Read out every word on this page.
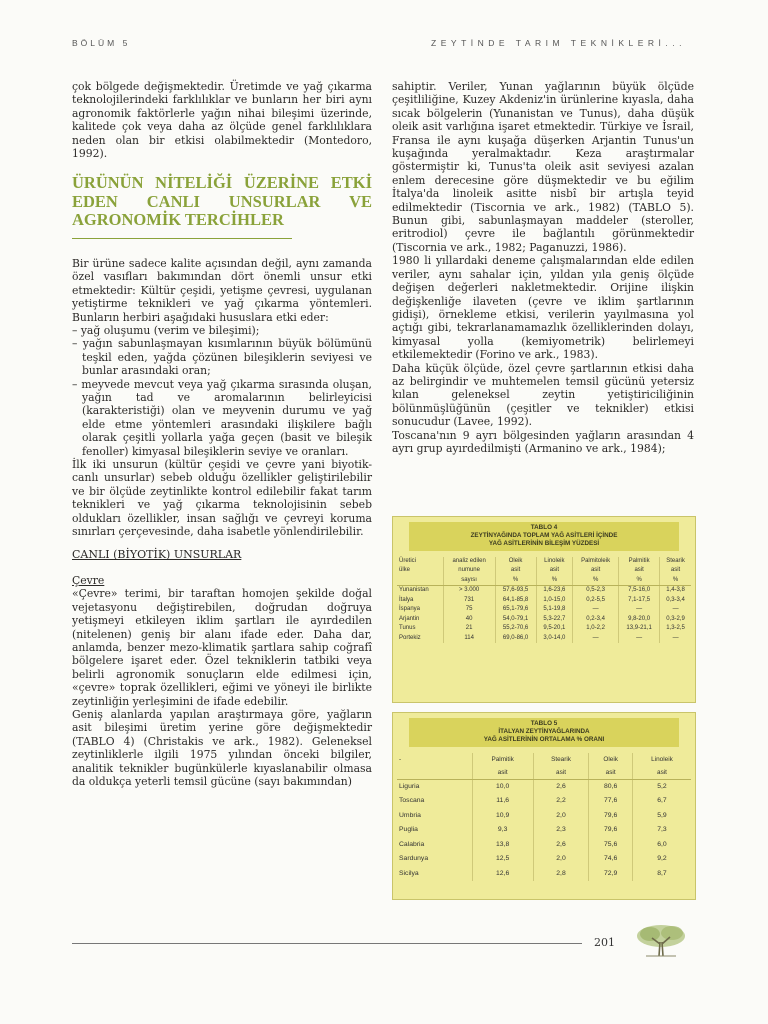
BÖLÜM 5	ZEYTİNDE TARIM TEKNİKLERİ...

çok bölgede değişmektedir. Üretimde ve yağ çıkarma teknolojilerindeki farklılıklar ve bunların her biri aynı agronomik faktörlerle yağın nihai bileşimi üzerinde, kalitede çok veya daha az ölçüde genel farklılıklara neden olan bir etkisi olabilmektedir (Montedoro, 1992).

ÜRÜNÜN NİTELİĞİ ÜZERİNE ETKİ EDEN CANLI UNSURLAR VE AGRONOMİK TERCİHLER

Bir ürüne sadece kalite açısından değil, aynı zamanda özel vasıfları bakımından dört önemli unsur etki etmektedir: Kültür çeşidi, yetişme çevresi, uygulanan yetiştirme teknikleri ve yağ çıkarma yöntemleri. Bunların herbiri aşağıdaki hususlara etki eder:

– yağ oluşumu (verim ve bileşimi);

– yağın sabunlaşmayan kısımlarının büyük bölümünü teşkil eden, yağda çözünen bileşiklerin seviyesi ve bunlar arasındaki oran;

– meyvede mevcut veya yağ çıkarma sırasında oluşan, yağın tad ve aromalarının belirleyicisi (karakteristiği) olan ve meyvenin durumu ve yağ elde etme yöntemleri arasındaki ilişkilere bağlı olarak çeşitli yollarla yağa geçen (basit ve bileşik fenoller) kimyasal bileşiklerin seviye ve oranları.

İlk iki unsurun (kültür çeşidi ve çevre yani biyotik-canlı unsurlar) sebeb olduğu özellikler geliştirilebilir ve bir ölçüde zeytinlikte kontrol edilebilir fakat tarım teknikleri ve yağ çıkarma teknolojisinin sebeb oldukları özellikler, insan sağlığı ve çevreyi koruma sınırları çerçevesinde, daha isabetle yönlendirilebilir.

CANLI (BİYOTİK) UNSURLAR

Çevre

«Çevre» terimi, bir taraftan homojen şekilde doğal vejetasyonu değiştirebilen, doğrudan doğruya yetişmeyi etkileyen iklim şartları ile ayırdedilen (nitelenen) geniş bir alanı ifade eder. Daha dar, anlamda, benzer mezo-klimatik şartlara sahip coğrafî bölgelere işaret eder. Özel tekniklerin tatbiki veya belirli agronomik sonuçların elde edilmesi için, «çevre» toprak özellikleri, eğimi ve yöneyi ile birlikte zeytinliğin yerleşimini de ifade edebilir.

Geniş alanlarda yapılan araştırmaya göre, yağların asit bileşimi üretim yerine göre değişmektedir (TABLO 4) (Christakis ve ark., 1982). Geleneksel zeytinliklerle ilgili 1975 yılından önceki bilgiler, analitik teknikler bugünkülerle kıyaslanabilir olmasa da oldukça yeterli temsil gücüne (sayı bakımından)

sahiptir. Veriler, Yunan yağlarının büyük ölçüde çeşitliliğine, Kuzey Akdeniz'in ürünlerine kıyasla, daha sıcak bölgelerin (Yunanistan ve Tunus), daha düşük oleik asit varlığına işaret etmektedir. Türkiye ve İsrail, Fransa ile aynı kuşağa düşerken Arjantin Tunus'un kuşağında yeralmaktadır. Keza araştırmalar göstermiştir ki, Tunus'ta oleik asit seviyesi azalan enlem derecesine göre düşmektedir ve bu eğilim İtalya'da linoleik asitte nisbî bir artışla teyid edilmektedir (Tiscornia ve ark., 1982) (TABLO 5). Bunun gibi, sabunlaşmayan maddeler (steroller, eritrodiol) çevre ile bağlantılı görünmektedir (Tiscornia ve ark., 1982; Paganuzzi, 1986).

1980 li yıllardaki deneme çalışmalarından elde edilen veriler, aynı sahalar için, yıldan yıla geniş ölçüde değişen değerleri nakletmektedir. Orijine ilişkin değişkenliğe ilaveten (çevre ve iklim şartlarının gidişi), örnekleme etkisi, verilerin yayılmasına yol açtığı gibi, tekrarlanamamazlık özelliklerinden dolayı, kimyasal yolla (kemiyometrik) belirlemeyi etkilemektedir (Forino ve ark., 1983).

Daha küçük ölçüde, özel çevre şartlarının etkisi daha az belirgindir ve muhtemelen temsil gücünü yetersiz kılan geleneksel zeytin yetiştiriciliğinin bölünmüşlüğünün (çeşitler ve teknikler) etkisi sonucudur (Lavee, 1992).

Toscana'nın 9 ayrı bölgesinden yağların arasından 4 ayrı grup ayırdedilmişti (Armanino ve ark., 1984);

TABLO 4
ZEYTİNYAĞINDA TOPLAM YAĞ ASİTLERİ İÇİNDE
YAĞ ASİTLERİNİN BİLEŞİM YÜZDESİ
Üretici	analiz edilen	Oleik	Linoleik	Palmitoleik	Palmitik	Stearik
ülke	numune	asit	asit	asit	asit	asit
	sayısı	%	%	%	%	%
Yunanistan	> 3.000	57,6-93,5	1,6-23,6	0,5-2,3	7,5-16,0	1,4-3,8
İtalya	731	64,1-85,8	1,0-15,0	0,2-5,5	7,1-17,5	0,3-3,4
İspanya	75	65,1-79,6	5,1-19,8	—	—	—
Arjantin	40	54,0-79,1	5,3-22,7	0,2-3,4	9,8-20,0	0,3-2,9
Tunus	21	55,2-70,6	9,5-20,1	1,0-2,2	13,9-21,1	1,3-2,5
Portekiz	114	69,0-86,0	3,0-14,0	—	—	—
TABLO 5
İTALYAN ZEYTİNYAĞLARINDA
YAĞ ASİTLERİNİN ORTALAMA % ORANI
-	Palmitik	Stearik	Oleik	Linoleik
	asit	asit	asit	asit
Liguria	10,0	2,6	80,6	5,2
Toscana	11,6	2,2	77,6	6,7
Umbria	10,9	2,0	79,6	5,9
Puglia	9,3	2,3	79,6	7,3
Calabria	13,8	2,6	75,6	6,0
Sardunya	12,5	2,0	74,6	9,2
Sicilya	12,6	2,8	72,9	8,7
201
